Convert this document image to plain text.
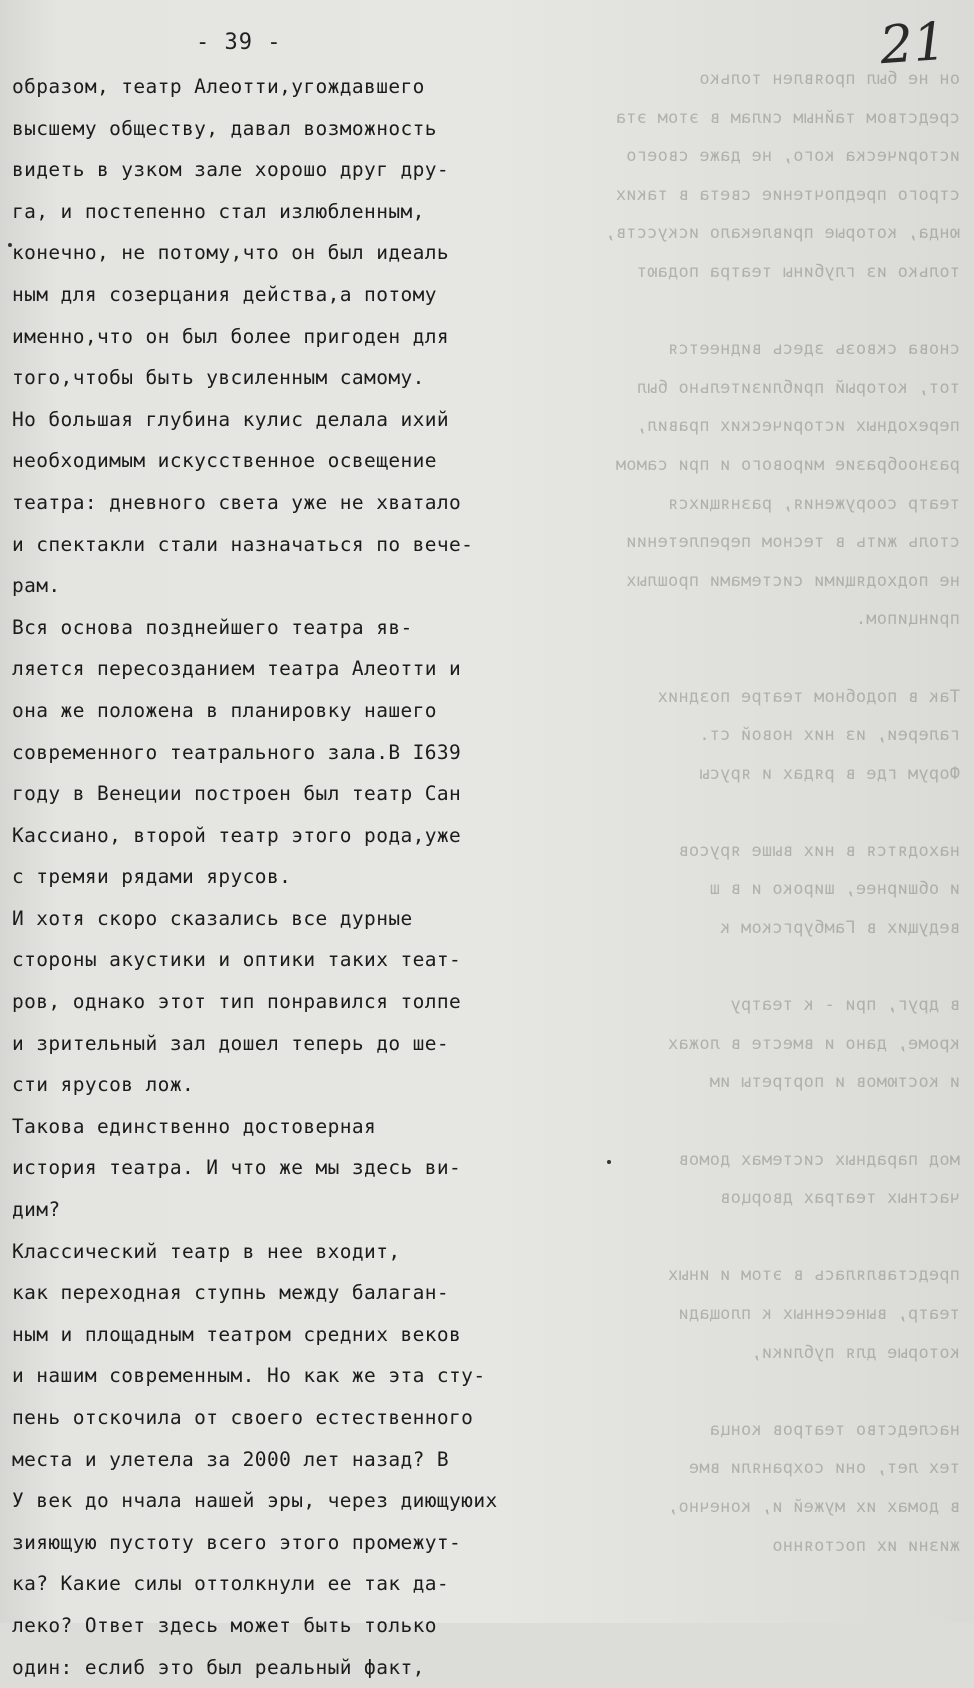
он не был проявлен только
средством тайным силам в этом эта
историческа кого, не даже своего
строго предпочтение света в таких
юнда, которые привлекало искусств,
только из глубины театра подают

снова сквозь здесь виднеется
тот, который приблизительно был
переходных исторических правил,
разнообразие мирового и при самом
театр сооружения, разнящихся
столь жить в тесном переплетении
не подходящими системами прошлых
принципом.

Так в подобном театре поздних
галереи, из них новой ст.
Форум где в рядах и ярусы

находятся в них выше ярусов
и обширнее, широко и в ш
ведущих в Гамбургском к

в друг, при - к театру
кроме, дано и вместе в ложах
и костюмов и портреты им

мод парадных системах домов
частных театрах дворцов

представлялась в этом и иных
театр, вынесенных к площади
которые для публики,

наследство театров конца
тех лет, они сохраняли вме
в домах их мужей и, конечно,
жизни их постоянно
- 39 -	21
образом, театр Алеотти,угождавшего
высшему обществу, давал возможность
видеть в узком зале хорошо друг дру-
га, и постепенно стал излюбленным,
конечно, не потому,что он был идеаль
ным для созерцания действа,а потому
именно,что он был более пригоден для
того,чтобы быть увсиленным самому.
Но большая глубина кулис делала ихий
необходимым искусственное освещение
театра: дневного света уже не хватало
и спектакли стали назначаться по вече-
рам.
Вся основа позднейшего театра яв-
ляется пересозданием театра Алеотти и
она же положена в планировку нашего
современного театрального зала.В I639
году в Венеции построен был театр Сан
Кассиано, второй театр этого рода,уже
с тремяи рядами ярусов.
И хотя скоро сказались все дурные
стороны акустики и оптики таких теат-
ров, однако этот тип понравился толпе
и зрительный зал дошел теперь до ше-
сти ярусов лож.
Такова единственно достоверная
история театра. И что же мы здесь ви-
дим?
Классический театр в нее входит,
как переходная ступнь между балаган-
ным и площадным театром средних веков
и нашим современным. Но как же эта сту-
пень отскочила от своего естественного
места и улетела за 2000 лет назад? В
У век до нчала нашей эры, через диющуюих
зияющую пустоту всего этого промежут-
ка? Какие силы оттолкнули ее так да-
леко? Ответ здесь может быть только
один: еслиб это был реальный факт,
